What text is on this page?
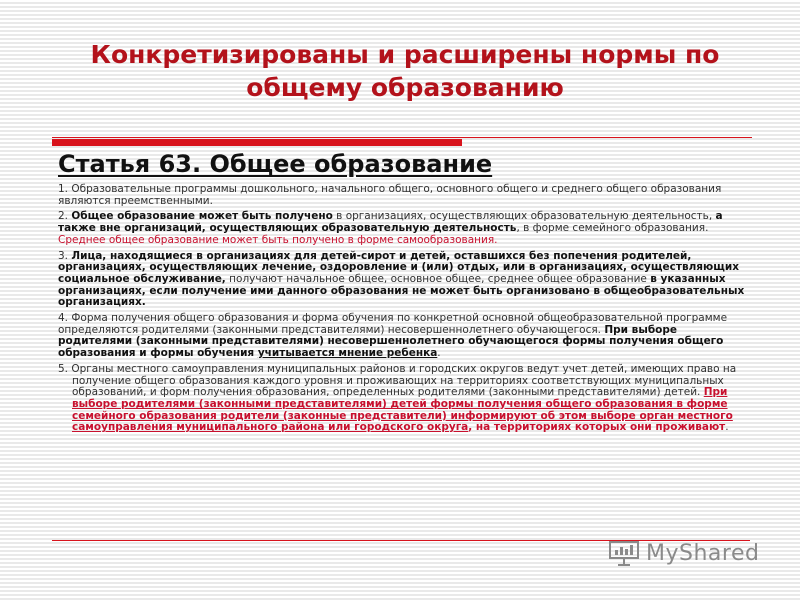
Конкретизированы и расширены нормы по
общему образованию
Статья 63. Общее образование

1. Образовательные программы дошкольного, начального общего, основного общего и среднего общего образования являются преемственными.

2. Общее образование может быть получено в организациях, осуществляющих образовательную деятельность, а также вне организаций, осуществляющих образовательную деятельность, в форме семейного образования. Среднее общее образование может быть получено в форме самообразования.

3. Лица, находящиеся в организациях для детей-сирот и детей, оставшихся без попечения родителей, организациях, осуществляющих лечение, оздоровление и (или) отдых, или в организациях, осуществляющих социальное обслуживание, получают начальное общее, основное общее, среднее общее образование в указанных организациях, если получение ими данного образования не может быть организовано в общеобразовательных организациях.

4. Форма получения общего образования и форма обучения по конкретной основной общеобразовательной программе определяются родителями (законными представителями) несовершеннолетнего обучающегося. При выборе родителями (законными представителями) несовершеннолетнего обучающегося формы получения общего образования и формы обучения учитывается мнение ребенка.

5. Органы местного самоуправления муниципальных районов и городских округов ведут учет детей, имеющих право на получение общего образования каждого уровня и проживающих на территориях соответствующих муниципальных образований, и форм получения образования, определенных родителями (законными представителями) детей. При выборе родителями (законными представителями) детей формы получения общего образования в форме семейного образования родители (законные представители) информируют об этом выборе орган местного самоуправления муниципального района или городского округа, на территориях которых они проживают.

MyShared
